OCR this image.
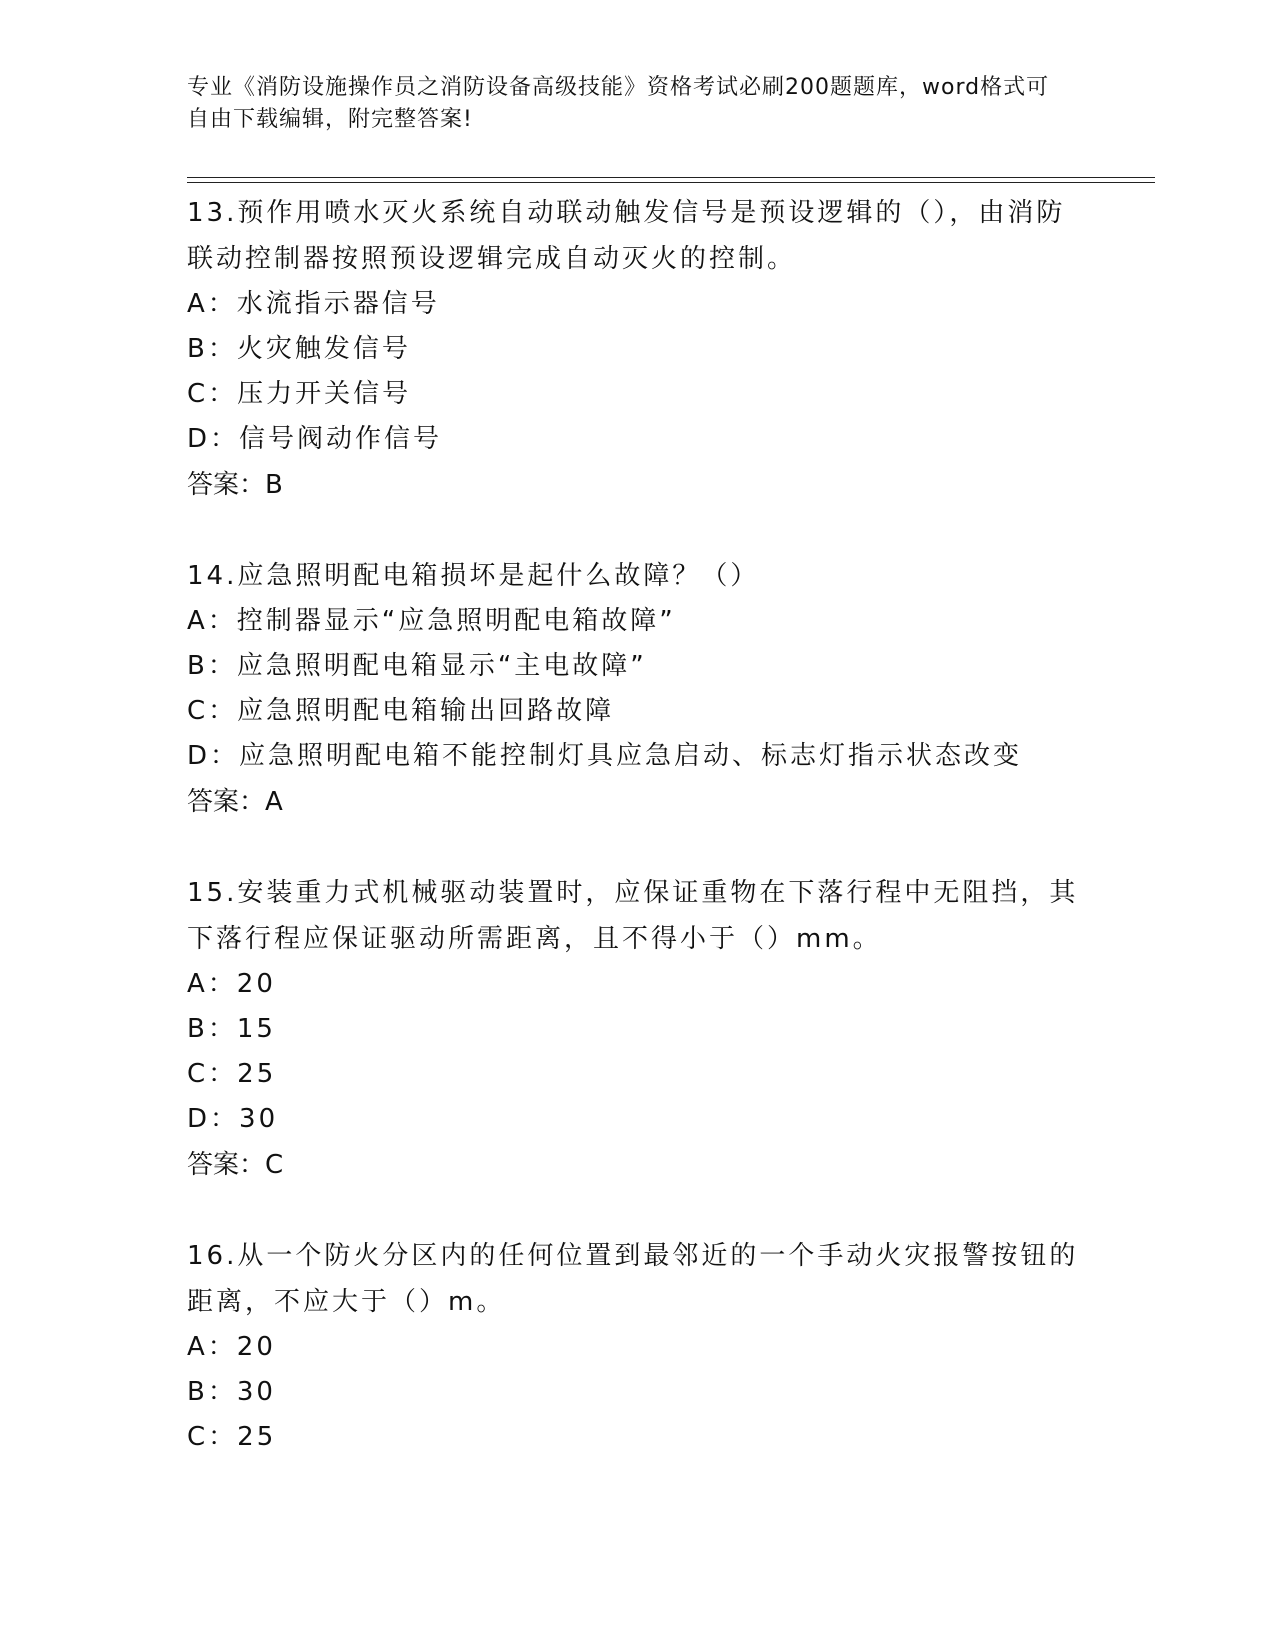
专业《消防设施操作员之消防设备高级技能》资格考试必刷200题题库，word格式可自由下载编辑，附完整答案!

13.预作用喷水灭火系统自动联动触发信号是预设逻辑的（），由消防联动控制器按照预设逻辑完成自动灭火的控制。

A：水流指示器信号
B：火灾触发信号
C：压力开关信号
D：信号阀动作信号
答案：B

14.应急照明配电箱损坏是起什么故障？（）

A：控制器显示“应急照明配电箱故障”
B：应急照明配电箱显示“主电故障”
C：应急照明配电箱输出回路故障
D：应急照明配电箱不能控制灯具应急启动、标志灯指示状态改变
答案：A

15.安装重力式机械驱动装置时，应保证重物在下落行程中无阻挡，其下落行程应保证驱动所需距离，且不得小于（）mm。

A：20
B：15
C：25
D：30
答案：C

16.从一个防火分区内的任何位置到最邻近的一个手动火灾报警按钮的距离，不应大于（）m。

A：20
B：30
C：25
